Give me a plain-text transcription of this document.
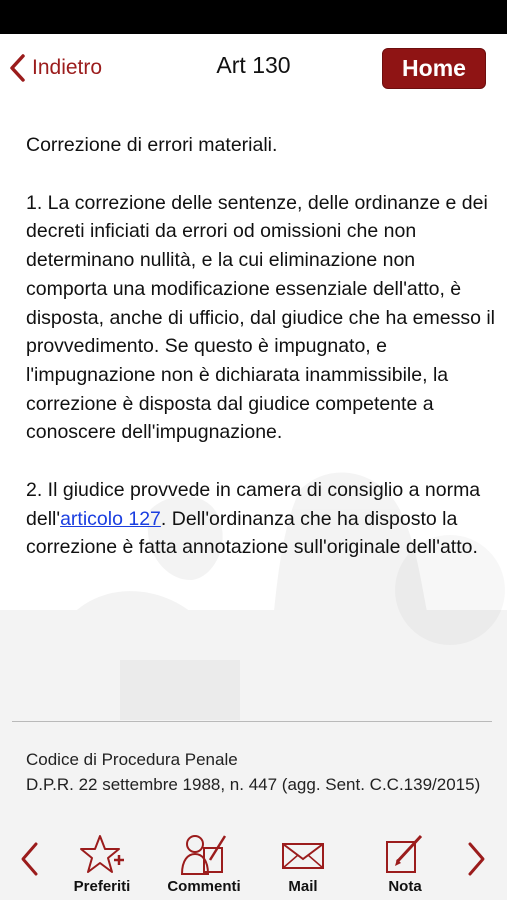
Indietro	Art 130	Home

Correzione di errori materiali.

1. La correzione delle sentenze, delle ordinanze e dei decreti inficiati da errori od omissioni che non determinano nullità, e la cui eliminazione non comporta una modificazione essenziale dell'atto, è disposta, anche di ufficio, dal giudice che ha emesso il provvedimento. Se questo è impugnato, e l'impugnazione non è dichiarata inammissibile, la correzione è disposta dal giudice competente a conoscere dell'impugnazione.

2. Il giudice provvede in camera di consiglio a norma dell'articolo 127. Dell'ordinanza che ha disposto la correzione è fatta annotazione sull'originale dell'atto.

Codice di Procedura Penale
D.P.R. 22 settembre 1988, n. 447 (agg. Sent. C.C.139/2015)
Preferiti Commenti	Mail	Nota
